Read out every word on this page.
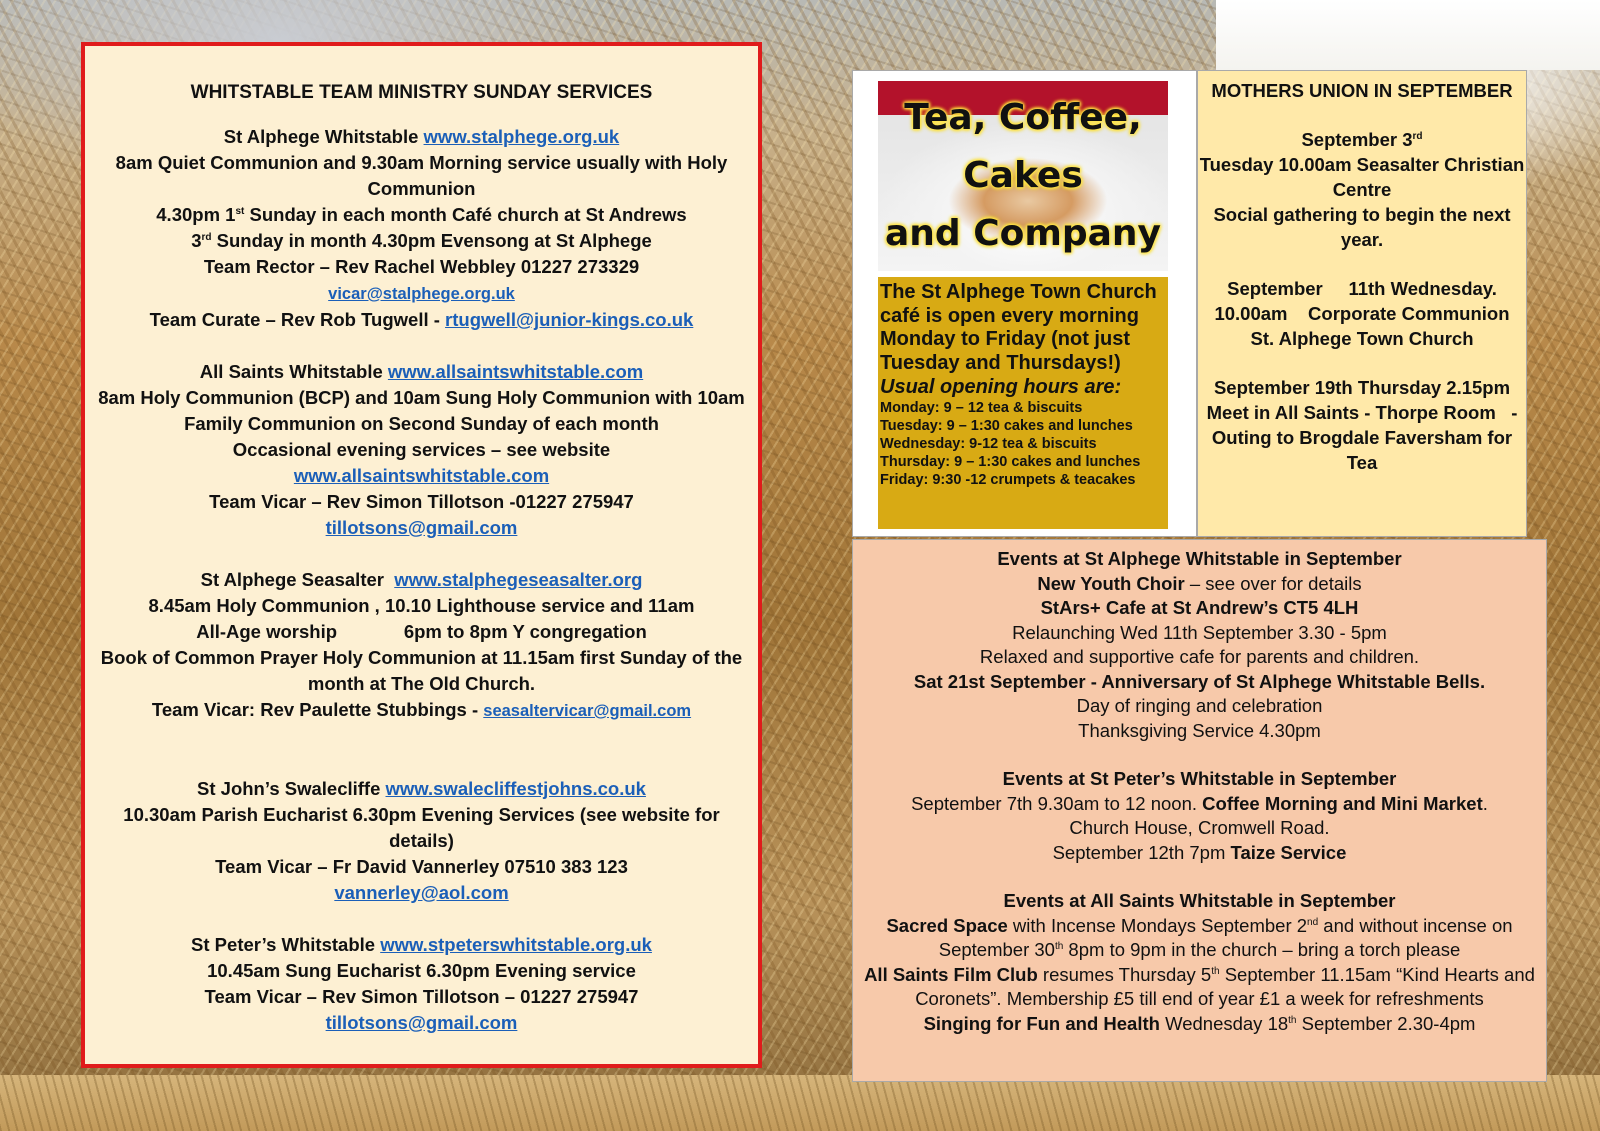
WHITSTABLE TEAM MINISTRY SUNDAY SERVICES

St Alphege Whitstable www.stalphege.org.uk

8am Quiet Communion and 9.30am Morning service usually with Holy Communion

4.30pm 1st Sunday in each month Café church at St Andrews

3rd Sunday in month 4.30pm Evensong at St Alphege

Team Rector – Rev Rachel Webbley 01227 273329

vicar@stalphege.org.uk

Team Curate – Rev Rob Tugwell - rtugwell@junior-kings.co.uk

All Saints Whitstable www.allsaintswhitstable.com

8am Holy Communion (BCP) and 10am Sung Holy Communion with 10am Family Communion on Second Sunday of each month

Occasional evening services – see website

www.allsaintswhitstable.com

Team Vicar – Rev Simon Tillotson -01227 275947

tillotsons@gmail.com

St Alphege Seasalter www.stalphegeseasalter.org

8.45am Holy Communion , 10.10 Lighthouse service and 11am

All-Age worship             6pm to 8pm Y congregation

Book of Common Prayer Holy Communion at 11.15am first Sunday of the month at The Old Church.

Team Vicar: Rev Paulette Stubbings - seasaltervicar@gmail.com

St John’s Swalecliffe www.swalecliffestjohns.co.uk

10.30am Parish Eucharist 6.30pm Evening Services (see website for details)

Team Vicar – Fr David Vannerley 07510 383 123

vannerley@aol.com

St Peter’s Whitstable www.stpeterswhitstable.org.uk

10.45am Sung Eucharist 6.30pm Evening service

Team Vicar – Rev Simon Tillotson – 01227 275947

tillotsons@gmail.com

Tea, Coffee,
Cakes
and Company
The St Alphege Town Church café is open every morning Monday to Friday (not just Tuesday and Thursdays!)
Usual opening hours are:
Monday: 9 – 12 tea & biscuits
Tuesday: 9 – 1:30 cakes and lunches
Wednesday: 9-12 tea & biscuits
Thursday: 9 – 1:30 cakes and lunches
Friday: 9:30 -12 crumpets & teacakes

MOTHERS UNION IN SEPTEMBER

September 3rd

Tuesday 10.00am Seasalter Christian Centre

Social gathering to begin the next year.

September     11th Wednesday. 10.00am    Corporate Communion   St. Alphege Town Church

September 19th Thursday 2.15pm     Meet in All Saints - Thorpe Room   -  Outing to Brogdale Faversham for Tea

Events at St Alphege Whitstable in September

New Youth Choir – see over for details

StArs+ Cafe at St Andrew’s CT5 4LH

Relaunching Wed 11th September 3.30 - 5pm

Relaxed and supportive cafe for parents and children.

Sat 21st September - Anniversary of St Alphege Whitstable Bells.

Day of ringing and celebration

Thanksgiving Service 4.30pm

Events at St Peter’s Whitstable in September

September 7th 9.30am to 12 noon. Coffee Morning and Mini Market.

Church House, Cromwell Road.

September 12th 7pm Taize Service

Events at All Saints Whitstable in September

Sacred Space with Incense Mondays September 2nd and without incense on September 30th 8pm to 9pm in the church – bring a torch please

All Saints Film Club resumes Thursday 5th September 11.15am “Kind Hearts and Coronets”. Membership £5 till end of year £1 a week for refreshments

Singing for Fun and Health Wednesday 18th September 2.30-4pm
